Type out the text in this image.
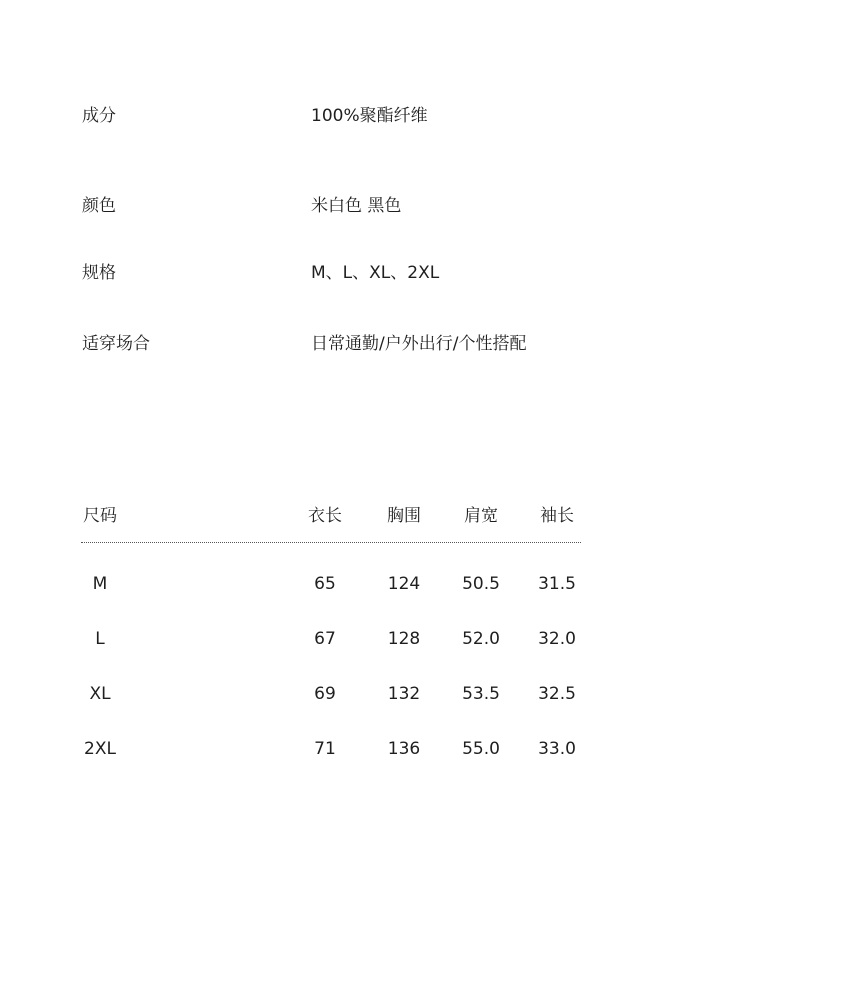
成分	100%聚酯纤维
颜色	米白色 黑色
规格	M、L、XL、2XL
适穿场合	日常通勤/户外出行/个性搭配
尺码	衣长	胸围	肩宽 袖长
M	65	124 50.5 31.5
L	67	128 52.0 32.0
XL	69	132 53.5 32.5
2XL	71	136 55.0 33.0
